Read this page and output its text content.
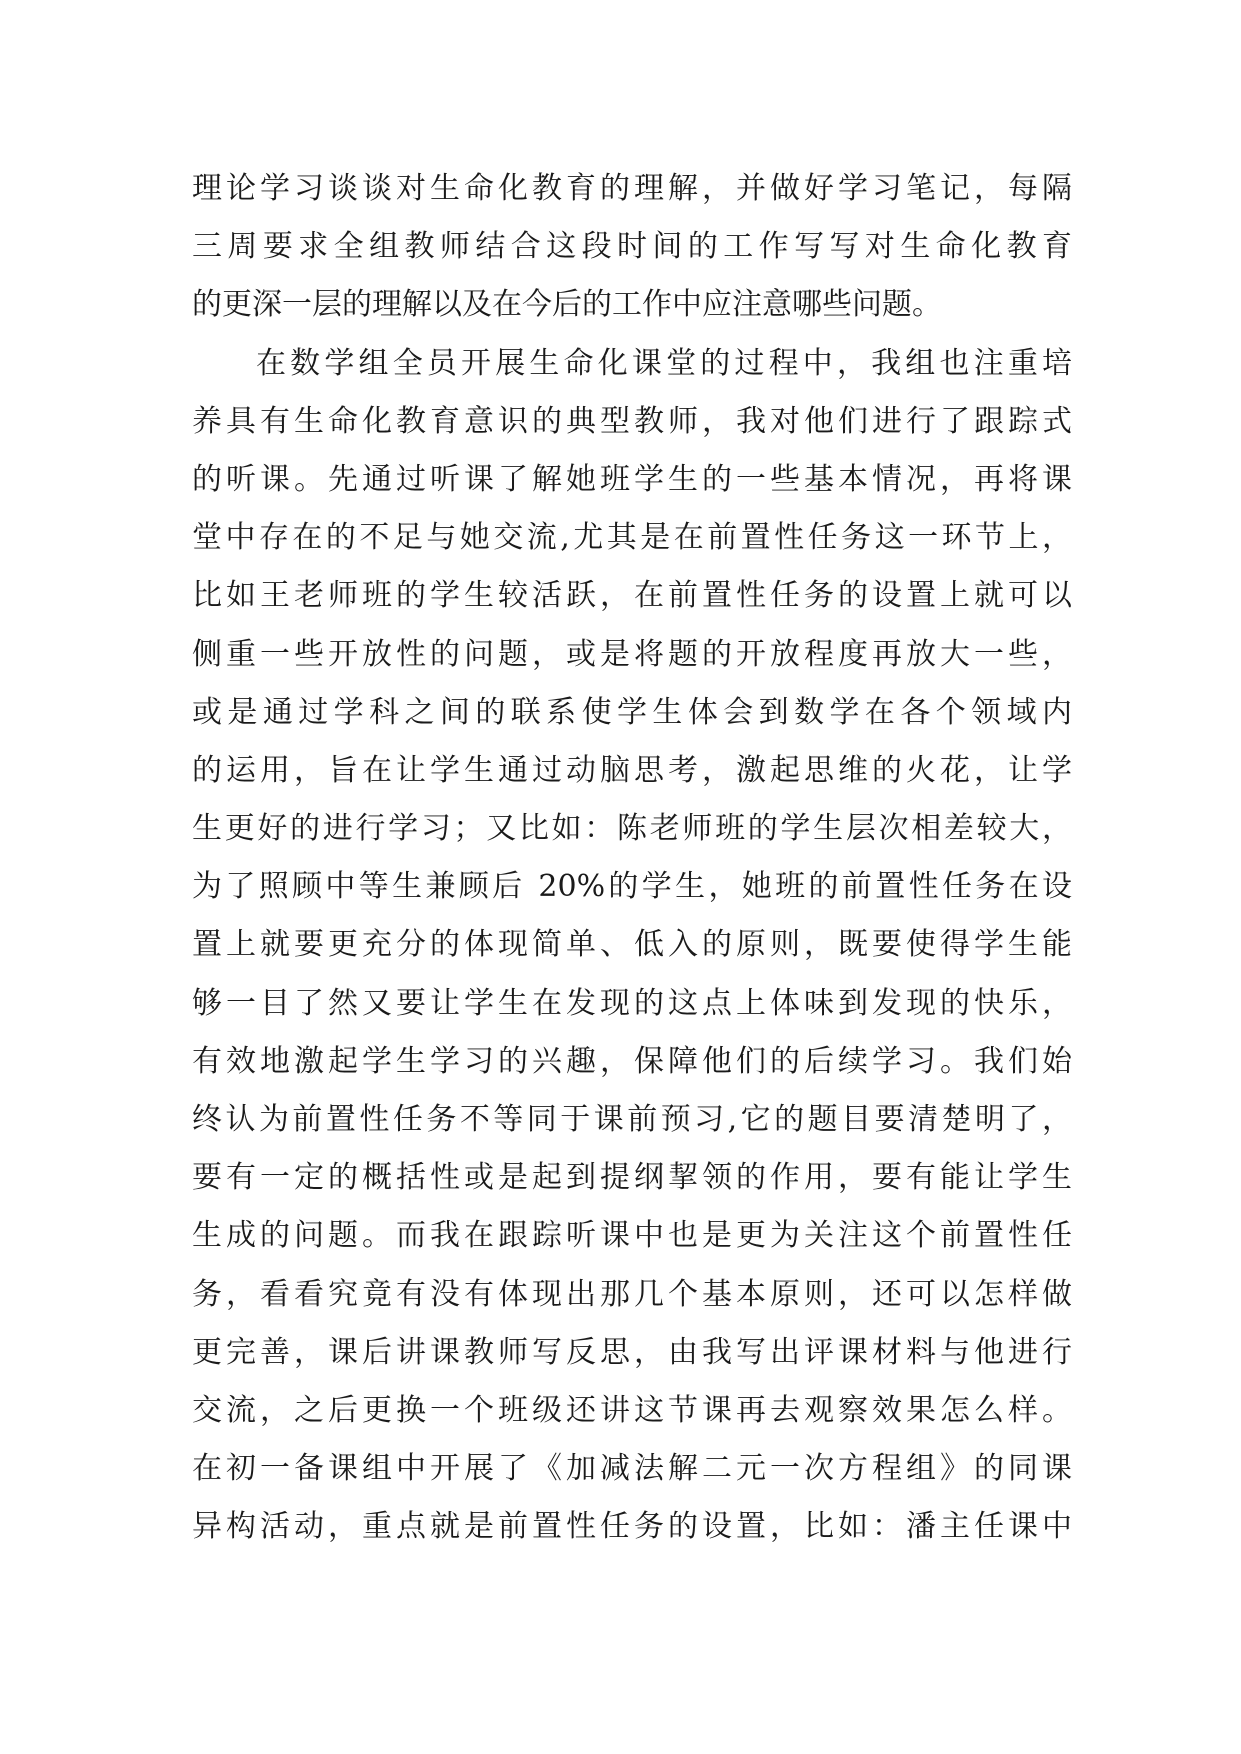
理论学习谈谈对生命化教育的理解，并做好学习笔记，每隔
三周要求全组教师结合这段时间的工作写写对生命化教育
的更深一层的理解以及在今后的工作中应注意哪些问题。
在数学组全员开展生命化课堂的过程中，我组也注重培
养具有生命化教育意识的典型教师，我对他们进行了跟踪式
的听课。先通过听课了解她班学生的一些基本情况，再将课
堂中存在的不足与她交流,尤其是在前置性任务这一环节上，
比如王老师班的学生较活跃，在前置性任务的设置上就可以
侧重一些开放性的问题，或是将题的开放程度再放大一些，
或是通过学科之间的联系使学生体会到数学在各个领域内
的运用，旨在让学生通过动脑思考，激起思维的火花，让学
生更好的进行学习；又比如：陈老师班的学生层次相差较大，
为了照顾中等生兼顾后 20%的学生，她班的前置性任务在设
置上就要更充分的体现简单、低入的原则，既要使得学生能
够一目了然又要让学生在发现的这点上体味到发现的快乐，
有效地激起学生学习的兴趣，保障他们的后续学习。我们始
终认为前置性任务不等同于课前预习,它的题目要清楚明了，
要有一定的概括性或是起到提纲挈领的作用，要有能让学生
生成的问题。而我在跟踪听课中也是更为关注这个前置性任
务，看看究竟有没有体现出那几个基本原则，还可以怎样做
更完善，课后讲课教师写反思，由我写出评课材料与他进行
交流，之后更换一个班级还讲这节课再去观察效果怎么样。
在初一备课组中开展了《加减法解二元一次方程组》的同课
异构活动，重点就是前置性任务的设置，比如：潘主任课中
